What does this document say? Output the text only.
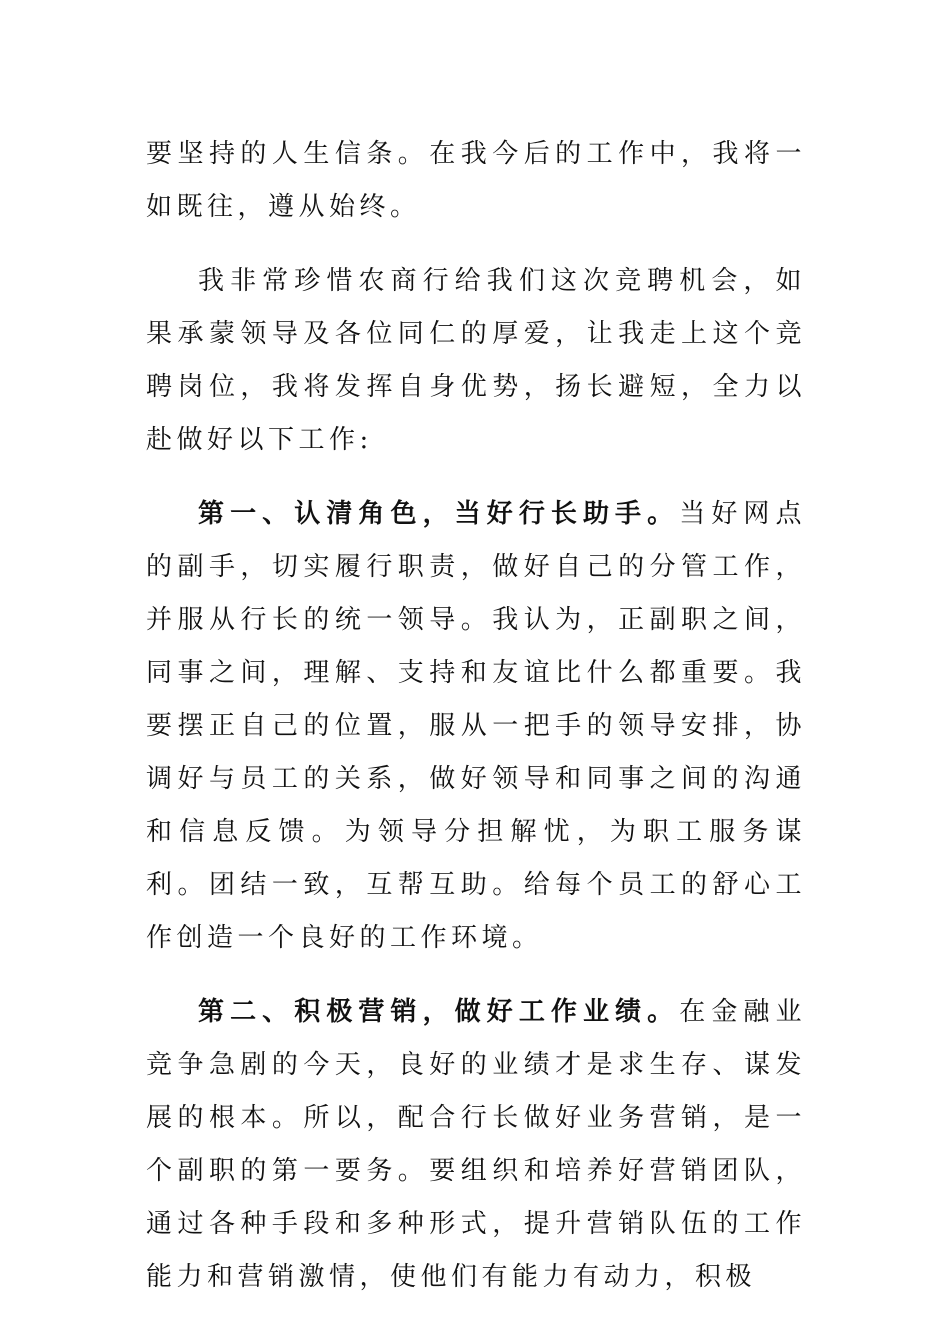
要坚持的人生信条。在我今后的工作中，我将一如既往，遵从始终。

我非常珍惜农商行给我们这次竞聘机会，如果承蒙领导及各位同仁的厚爱，让我走上这个竞聘岗位，我将发挥自身优势，扬长避短，全力以赴做好以下工作:

第一、认清角色，当好行长助手。当好网点的副手，切实履行职责，做好自己的分管工作，并服从行长的统一领导。我认为，正副职之间，同事之间，理解、支持和友谊比什么都重要。我要摆正自己的位置，服从一把手的领导安排，协调好与员工的关系，做好领导和同事之间的沟通和信息反馈。为领导分担解忧，为职工服务谋利。团结一致，互帮互助。给每个员工的舒心工作创造一个良好的工作环境。

第二、积极营销，做好工作业绩。在金融业竞争急剧的今天，良好的业绩才是求生存、谋发展的根本。所以，配合行长做好业务营销，是一个副职的第一要务。要组织和培养好营销团队，通过各种手段和多种形式，提升营销队伍的工作能力和营销激情，使他们有能力有动力，积极
